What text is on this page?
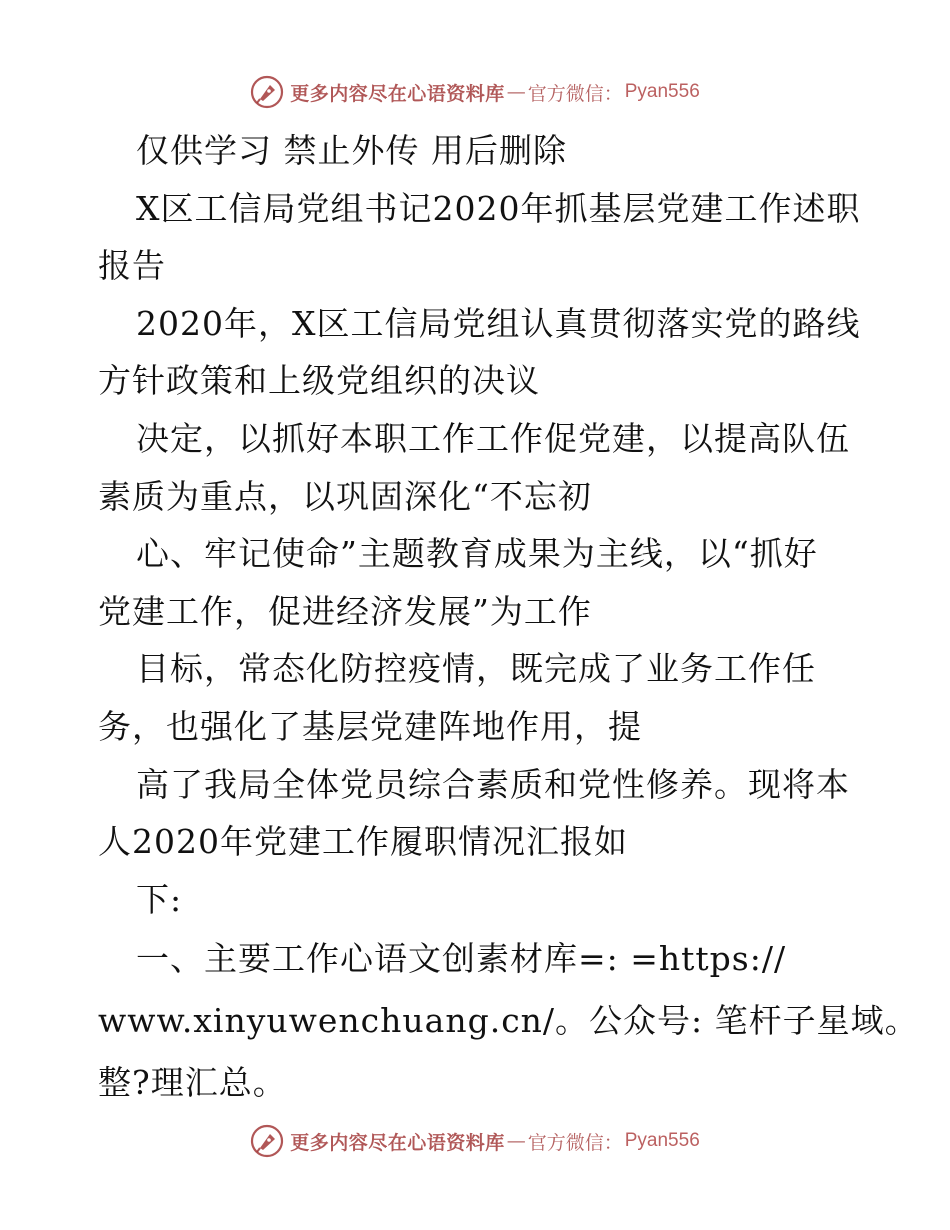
更多内容尽在心语资料库 — 官方微信： Pyan556
仅供学习 禁止外传 用后删除
X区工信局党组书记2020年抓基层党建工作述职
报告
2020年，X区工信局党组认真贯彻落实党的路线
方针政策和上级党组织的决议
决定，以抓好本职工作工作促党建，以提高队伍
素质为重点，以巩固深化“不忘初
心、牢记使命”主题教育成果为主线，以“抓好
党建工作，促进经济发展”为工作
目标，常态化防控疫情，既完成了业务工作任
务，也强化了基层党建阵地作用，提
高了我局全体党员综合素质和党性修养。现将本
人2020年党建工作履职情况汇报如
下:
一、主要工作心语文创素材库=: =https://
www.xinyuwenchuang.cn/。公众号: 笔杆子星域。
整?理汇总。
更多内容尽在心语资料库 — 官方微信： Pyan556
